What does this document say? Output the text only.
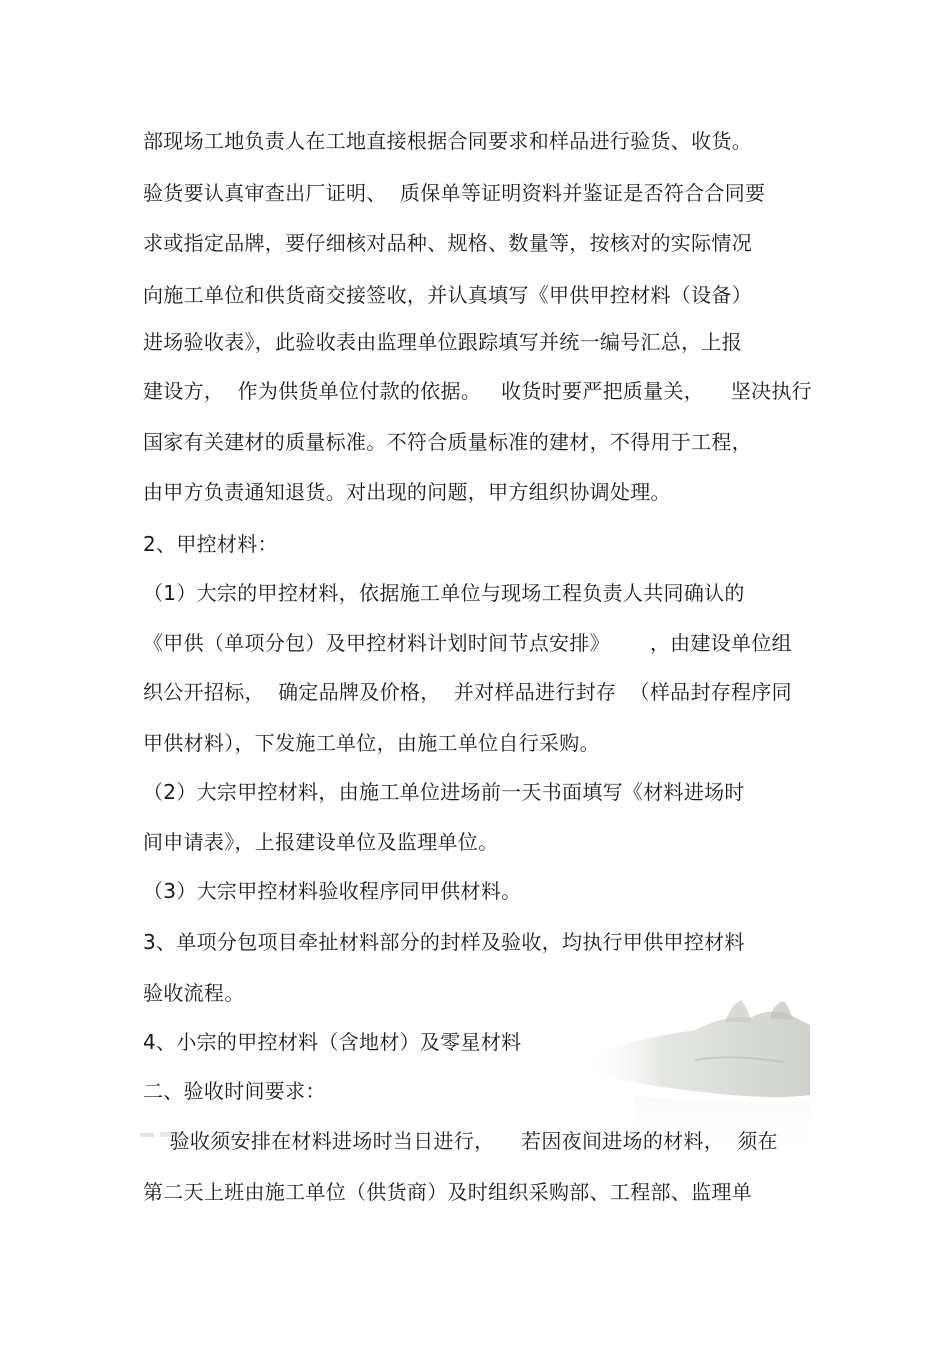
部现场工地负责人在工地直接根据合同要求和样品进行验货、收货。
验货要认真审查出厂证明、  质保单等证明资料并鉴证是否符合合同要
求或指定品牌，要仔细核对品种、规格、数量等，按核对的实际情况
向施工单位和供货商交接签收，并认真填写《甲供甲控材料（设备）
进场验收表》，此验收表由监理单位跟踪填写并统一编号汇总，上报
建设方，  作为供货单位付款的依据。   收货时要严把质量关，    坚决执行
国家有关建材的质量标准。不符合质量标准的建材，不得用于工程，
由甲方负责通知退货。对出现的问题，甲方组织协调处理。
2、甲控材料：
（1）大宗的甲控材料，依据施工单位与现场工程负责人共同确认的
《甲供（单项分包）及甲控材料计划时间节点安排》      ，由建设单位组
织公开招标，  确定品牌及价格，  并对样品进行封存  （样品封存程序同
甲供材料），下发施工单位，由施工单位自行采购。
（2）大宗甲控材料，由施工单位进场前一天书面填写《材料进场时
间申请表》，上报建设单位及监理单位。
（3）大宗甲控材料验收程序同甲供材料。
3、单项分包项目牵扯材料部分的封样及验收，均执行甲供甲控材料
验收流程。
4、小宗的甲控材料（含地材）及零星材料
二、验收时间要求：
验收须安排在材料进场时当日进行，    若因夜间进场的材料，  须在
第二天上班由施工单位（供货商）及时组织采购部、工程部、监理单
